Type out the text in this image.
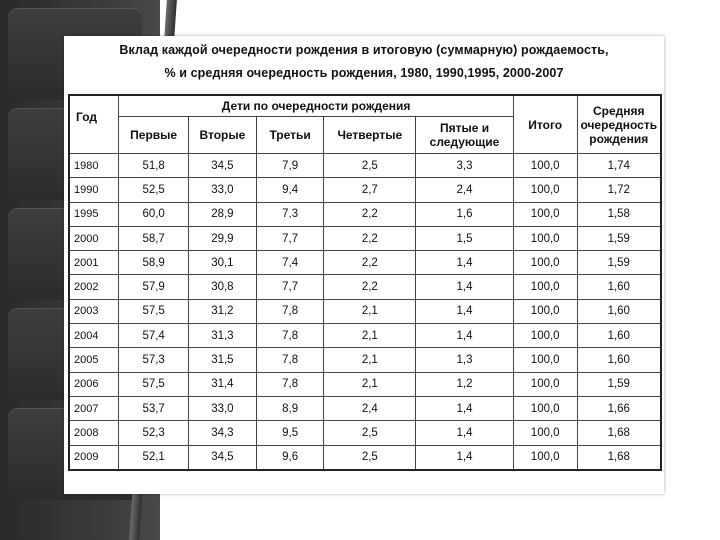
Вклад каждой очередности рождения в итоговую (суммарную) рождаемость,
% и средняя очередность рождения, 1980, 1990,1995, 2000-2007
Год	Дети по очередности рождения					Итого	Средняя очередность рождения
	Первые	Вторые	Третьи	Четвертые	Пятые и следующие		
1980	51,8	34,5	7,9	2,5	3,3	100,0	1,74
1990	52,5	33,0	9,4	2,7	2,4	100,0	1,72
1995	60,0	28,9	7,3	2,2	1,6	100,0	1,58
2000	58,7	29,9	7,7	2,2	1,5	100,0	1,59
2001	58,9	30,1	7,4	2,2	1,4	100,0	1,59
2002	57,9	30,8	7,7	2,2	1,4	100,0	1,60
2003	57,5	31,2	7,8	2,1	1,4	100,0	1,60
2004	57,4	31,3	7,8	2,1	1,4	100,0	1,60
2005	57,3	31,5	7,8	2,1	1,3	100,0	1,60
2006	57,5	31,4	7,8	2,1	1,2	100,0	1,59
2007	53,7	33,0	8,9	2,4	1,4	100,0	1,66
2008	52,3	34,3	9,5	2,5	1,4	100,0	1,68
2009	52,1	34,5	9,6	2,5	1,4	100,0	1,68
